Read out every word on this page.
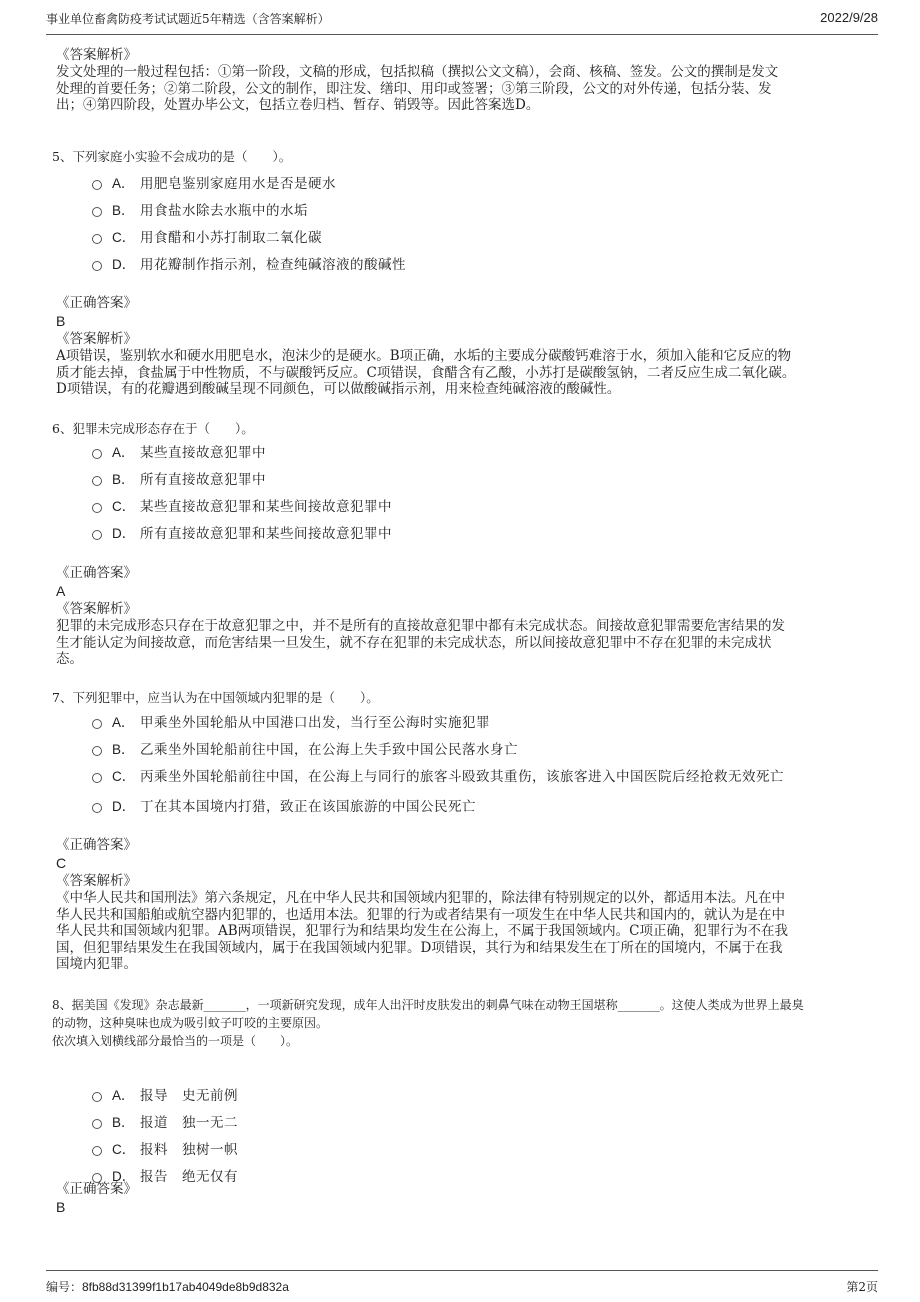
事业单位畜禽防疫考试试题近5年精选（含答案解析）	2022/9/28
《答案解析》
发文处理的一般过程包括：①第一阶段，文稿的形成，包括拟稿（撰拟公文文稿），会商、核稿、签发。公文的撰制是发文
处理的首要任务；②第二阶段，公文的制作，即注发、缮印、用印或签署；③第三阶段，公文的对外传递，包括分装、发
出；④第四阶段，处置办毕公文，包括立卷归档、暂存、销毁等。因此答案选D。
5、下列家庭小实验不会成功的是（　　）。
A． 用肥皂鉴别家庭用水是否是硬水
B． 用食盐水除去水瓶中的水垢
C． 用食醋和小苏打制取二氧化碳
D． 用花瓣制作指示剂，检查纯碱溶液的酸碱性
《正确答案》
B
《答案解析》
A项错误，鉴别软水和硬水用肥皂水，泡沫少的是硬水。B项正确，水垢的主要成分碳酸钙难溶于水，须加入能和它反应的物
质才能去掉，食盐属于中性物质，不与碳酸钙反应。C项错误，食醋含有乙酸，小苏打是碳酸氢钠，二者反应生成二氧化碳。
D项错误，有的花瓣遇到酸碱呈现不同颜色，可以做酸碱指示剂，用来检查纯碱溶液的酸碱性。
6、犯罪未完成形态存在于（　　）。
A． 某些直接故意犯罪中
B． 所有直接故意犯罪中
C． 某些直接故意犯罪和某些间接故意犯罪中
D． 所有直接故意犯罪和某些间接故意犯罪中
《正确答案》
A
《答案解析》
犯罪的未完成形态只存在于故意犯罪之中，并不是所有的直接故意犯罪中都有未完成状态。间接故意犯罪需要危害结果的发
生才能认定为间接故意，而危害结果一旦发生，就不存在犯罪的未完成状态，所以间接故意犯罪中不存在犯罪的未完成状
态。
7、下列犯罪中，应当认为在中国领域内犯罪的是（　　）。
A． 甲乘坐外国轮船从中国港口出发，当行至公海时实施犯罪
B． 乙乘坐外国轮船前往中国，在公海上失手致中国公民落水身亡
C． 丙乘坐外国轮船前往中国，在公海上与同行的旅客斗殴致其重伤，该旅客进入中国医院后经抢救无效死亡
D． 丁在其本国境内打猎，致正在该国旅游的中国公民死亡
《正确答案》
C
《答案解析》
《中华人民共和国刑法》第六条规定，凡在中华人民共和国领域内犯罪的，除法律有特别规定的以外，都适用本法。凡在中
华人民共和国船舶或航空器内犯罪的，也适用本法。犯罪的行为或者结果有一项发生在中华人民共和国内的，就认为是在中
华人民共和国领域内犯罪。AB两项错误，犯罪行为和结果均发生在公海上，不属于我国领域内。C项正确，犯罪行为不在我
国，但犯罪结果发生在我国领域内，属于在我国领域内犯罪。D项错误，其行为和结果发生在丁所在的国境内，不属于在我
国境内犯罪。
8、据美国《发现》杂志最新_______，一项新研究发现，成年人出汗时皮肤发出的刺鼻气味在动物王国堪称_______。这使人类成为世界上最臭
的动物，这种臭味也成为吸引蚊子叮咬的主要原因。
依次填入划横线部分最恰当的一项是（　　）。
A． 报导　史无前例
B． 报道　独一无二
C． 报料　独树一帜
D． 报告　绝无仅有
《正确答案》
B
编号：8fb88d31399f1b17ab4049de8b9d832a	第2页
